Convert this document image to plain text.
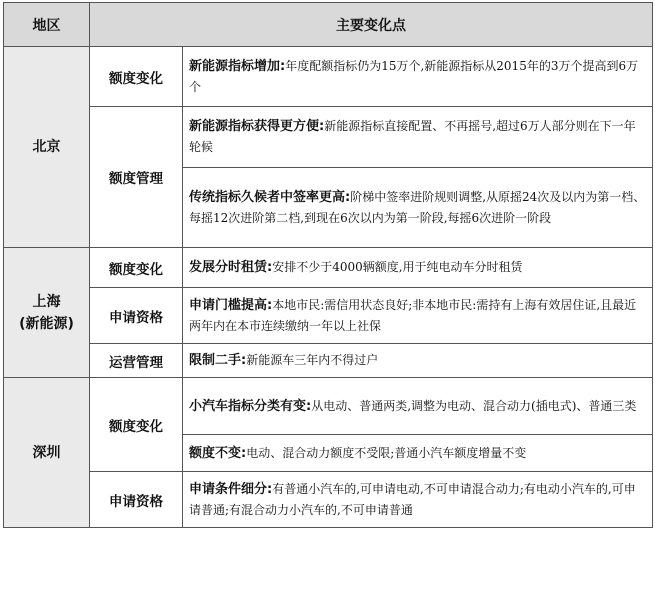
地区	主要变化点	

北京	额度变化	新能源指标增加:年度配额指标仍为15万个,新能源指标从2015年的3万个提高到6万个
	额度管理	新能源指标获得更方便:新能源指标直接配置、不再摇号,超过6万人部分则在下一年轮候
		传统指标久候者中签率更高:阶梯中签率进阶规则调整,从原摇24次及以内为第一档、每摇12次进阶第二档,到现在6次以内为第一阶段,每摇6次进阶一阶段

上海
(新能源)	额度变化	发展分时租赁:安排不少于4000辆额度,用于纯电动车分时租赁
	申请资格	申请门槛提高:本地市民:需信用状态良好;非本地市民:需持有上海有效居住证,且最近两年内在本市连续缴纳一年以上社保
	运营管理	限制二手:新能源车三年内不得过户

深圳	额度变化	小汽车指标分类有变:从电动、普通两类,调整为电动、混合动力(插电式)、普通三类
		额度不变:电动、混合动力额度不受限;普通小汽车额度增量不变
	申请资格	申请条件细分:有普通小汽车的,可申请电动,不可申请混合动力;有电动小汽车的,可申请普通;有混合动力小汽车的,不可申请普通
